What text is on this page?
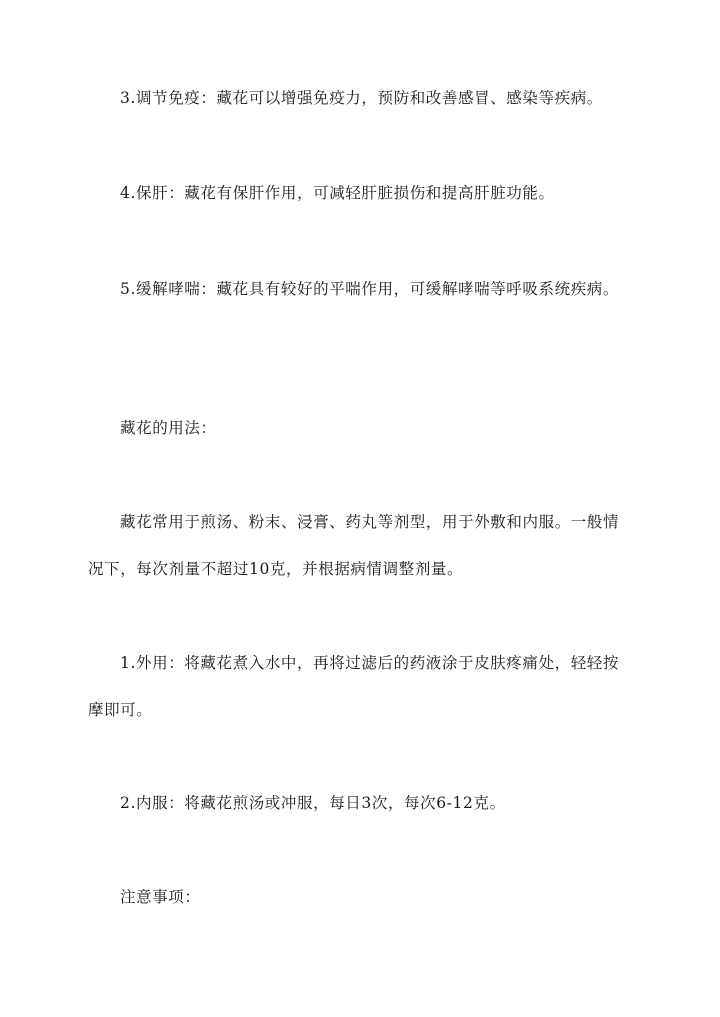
3.调节免疫：藏花可以增强免疫力，预防和改善感冒、感染等疾病。

4.保肝：藏花有保肝作用，可减轻肝脏损伤和提高肝脏功能。

5.缓解哮喘：藏花具有较好的平喘作用，可缓解哮喘等呼吸系统疾病。

藏花的用法：

藏花常用于煎汤、粉末、浸膏、药丸等剂型，用于外敷和内服。一般情况下，每次剂量不超过10克，并根据病情调整剂量。

1.外用：将藏花煮入水中，再将过滤后的药液涂于皮肤疼痛处，轻轻按摩即可。

2.内服：将藏花煎汤或冲服，每日3次，每次6-12克。

注意事项：
